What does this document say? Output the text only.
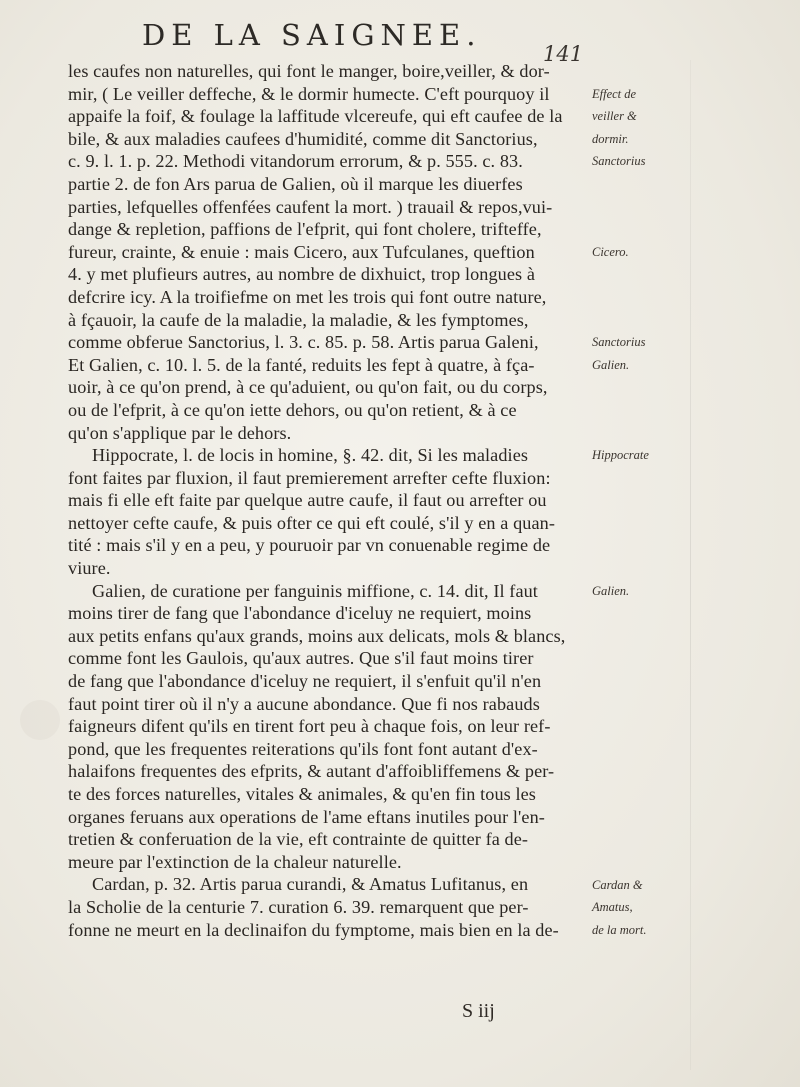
DE LA SAIGNEE.
141
les caufes non naturelles, qui font le manger, boire,veiller, & dor-
mir, ( Le veiller deffeche, & le dormir humecte. C'eft pourquoy il
appaife la foif, & foulage la laffitude vlcereufe, qui eft caufee de la
bile, & aux maladies caufees d'humidité, comme dit Sanctorius,
c. 9. l. 1. p. 22. Methodi vitandorum errorum, & p. 555. c. 83.
partie 2. de fon Ars parua de Galien, où il marque les diuerfes
parties, lefquelles offenfées caufent la mort. ) trauail & repos,vui-
dange & repletion, paffions de l'efprit, qui font cholere, trifteffe,
fureur, crainte, & enuie : mais Cicero, aux Tufculanes, queftion
4. y met plufieurs autres, au nombre de dixhuict, trop longues à
defcrire icy. A la troifiefme on met les trois qui font outre nature,
à fçauoir, la caufe de la maladie, la maladie, & les fymptomes,
comme obferue Sanctorius, l. 3. c. 85. p. 58. Artis parua Galeni,
Et Galien, c. 10. l. 5. de la fanté, reduits les fept à quatre, à fça-
uoir, à ce qu'on prend, à ce qu'aduient, ou qu'on fait, ou du corps,
ou de l'efprit, à ce qu'on iette dehors, ou qu'on retient, & à ce
qu'on s'applique par le dehors.
Hippocrate, l. de locis in homine, §. 42. dit, Si les maladies
font faites par fluxion, il faut premierement arrefter cefte fluxion:
mais fi elle eft faite par quelque autre caufe, il faut ou arrefter ou
nettoyer cefte caufe, & puis ofter ce qui eft coulé, s'il y en a quan-
tité : mais s'il y en a peu, y pouruoir par vn conuenable regime de
viure.
Galien, de curatione per fanguinis miffione, c. 14. dit, Il faut
moins tirer de fang que l'abondance d'iceluy ne requiert, moins
aux petits enfans qu'aux grands, moins aux delicats, mols & blancs,
comme font les Gaulois, qu'aux autres. Que s'il faut moins tirer
de fang que l'abondance d'iceluy ne requiert, il s'enfuit qu'il n'en
faut point tirer où il n'y a aucune abondance. Que fi nos rabauds
faigneurs difent qu'ils en tirent fort peu à chaque fois, on leur ref-
pond, que les frequentes reiterations qu'ils font font autant d'ex-
halaifons frequentes des efprits, & autant d'affoibliffemens & per-
te des forces naturelles, vitales & animales, & qu'en fin tous les
organes feruans aux operations de l'ame eftans inutiles pour l'en-
tretien & conferuation de la vie, eft contrainte de quitter fa de-
meure par l'extinction de la chaleur naturelle.
Cardan, p. 32. Artis parua curandi, & Amatus Lufitanus, en
la Scholie de la centurie 7. curation 6. 39. remarquent que per-
fonne ne meurt en la declinaifon du fymptome, mais bien en la de-
Effect de
veiller &
dormir.
Sanctorius
Cicero.
Sanctorius
Galien.
Hippocrate
Galien.
Cardan &
Amatus,
de la mort.
S iij
